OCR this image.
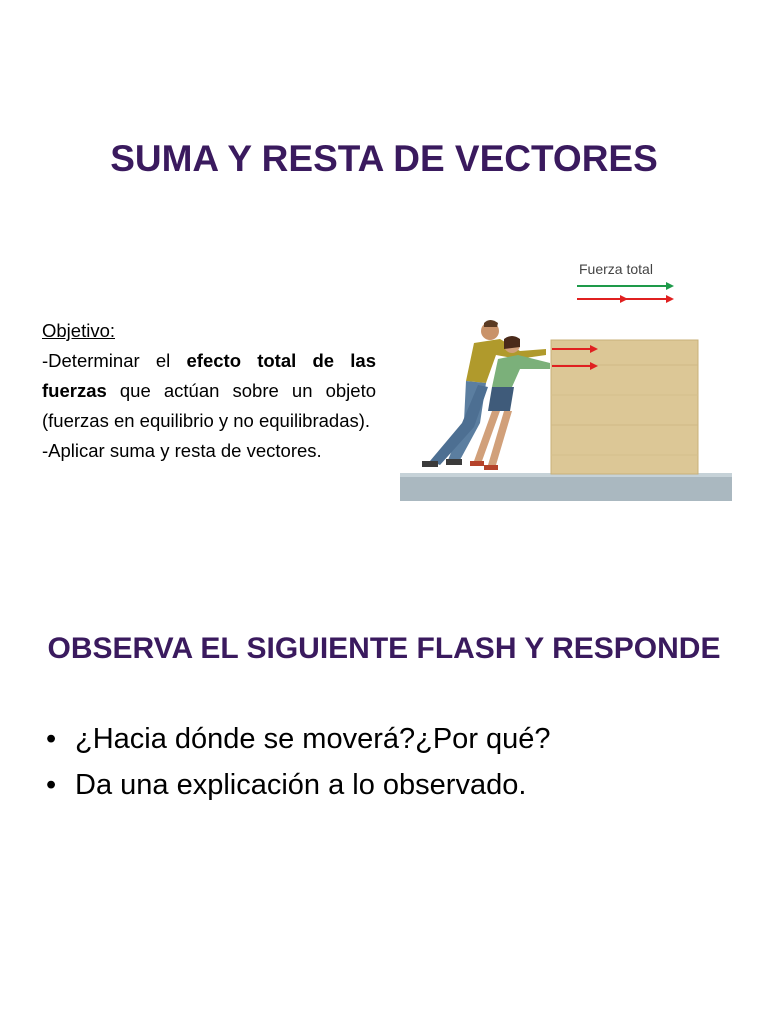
SUMA Y RESTA DE VECTORES
Objetivo:

-Determinar el efecto total de las fuerzas que actúan sobre un objeto (fuerzas en equilibrio y no equilibradas).

-Aplicar suma y resta de vectores.

Fuerza total
OBSERVA EL SIGUIENTE FLASH Y RESPONDE
• ¿Hacia dónde se moverá?¿Por qué?
• Da una explicación a lo observado.
